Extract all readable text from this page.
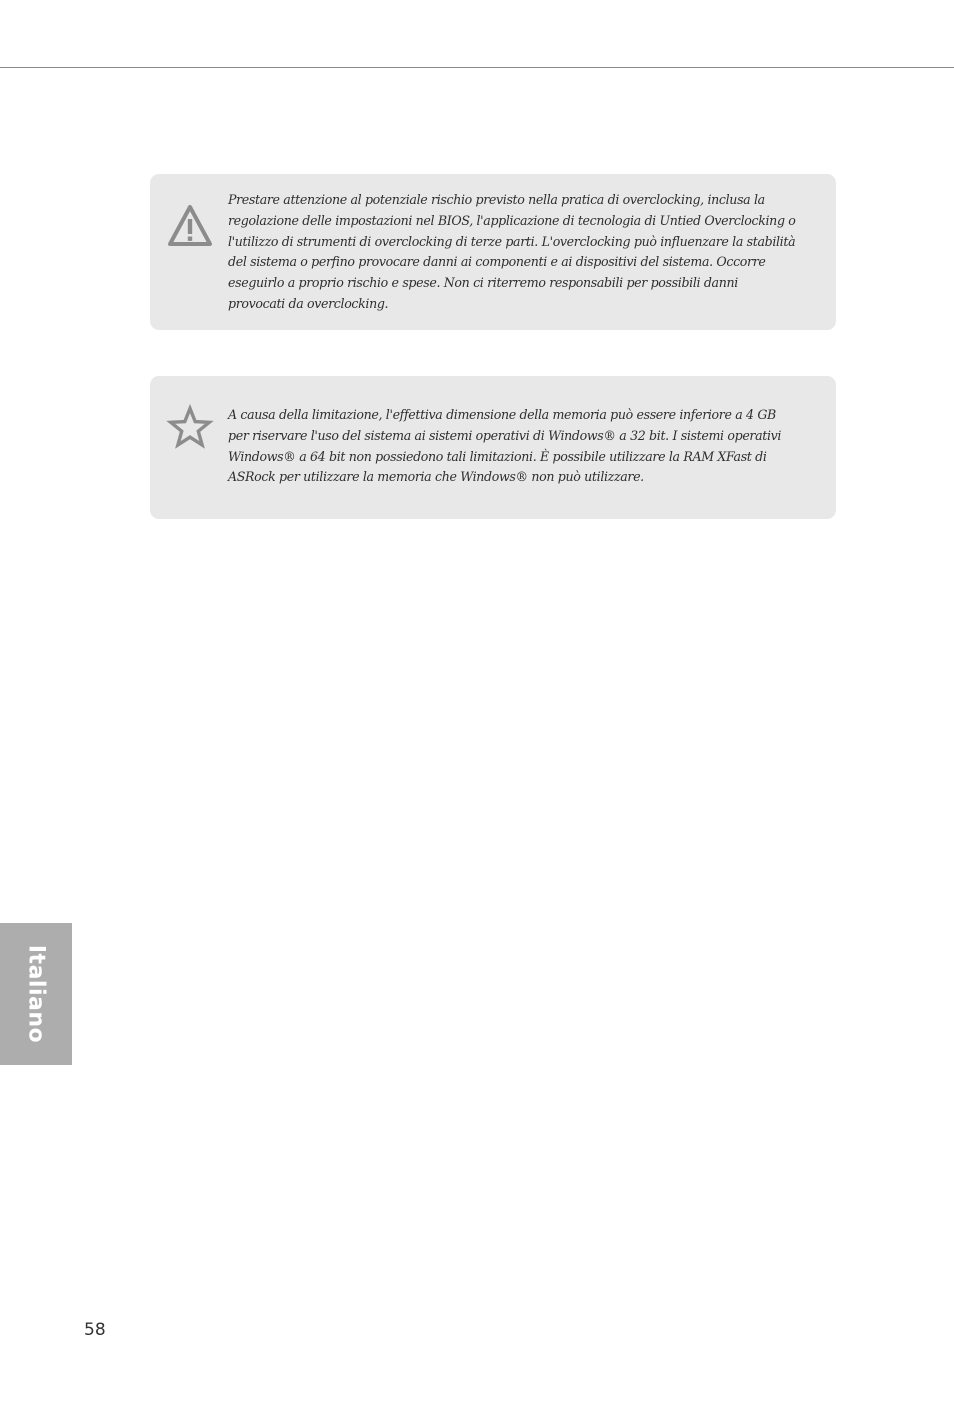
Prestare attenzione al potenziale rischio previsto nella pratica di overclocking, inclusa la regolazione delle impostazioni nel BIOS, l'applicazione di tecnologia di Untied Overclocking o l'utilizzo di strumenti di overclocking di terze parti. L'overclocking può influenzare la stabilità del sistema o perfino provocare danni ai componenti e ai dispositivi del sistema. Occorre eseguirlo a proprio rischio e spese. Non ci riterremo responsabili per possibili danni provocati da overclocking.

A causa della limitazione, l'effettiva dimensione della memoria può essere inferiore a 4 GB per riservare l'uso del sistema ai sistemi operativi di Windows® a 32 bit. I sistemi operativi Windows® a 64 bit non possiedono tali limitazioni. È possibile utilizzare la RAM XFast di ASRock per utilizzare la memoria che Windows® non può utilizzare.

Italiano
58
